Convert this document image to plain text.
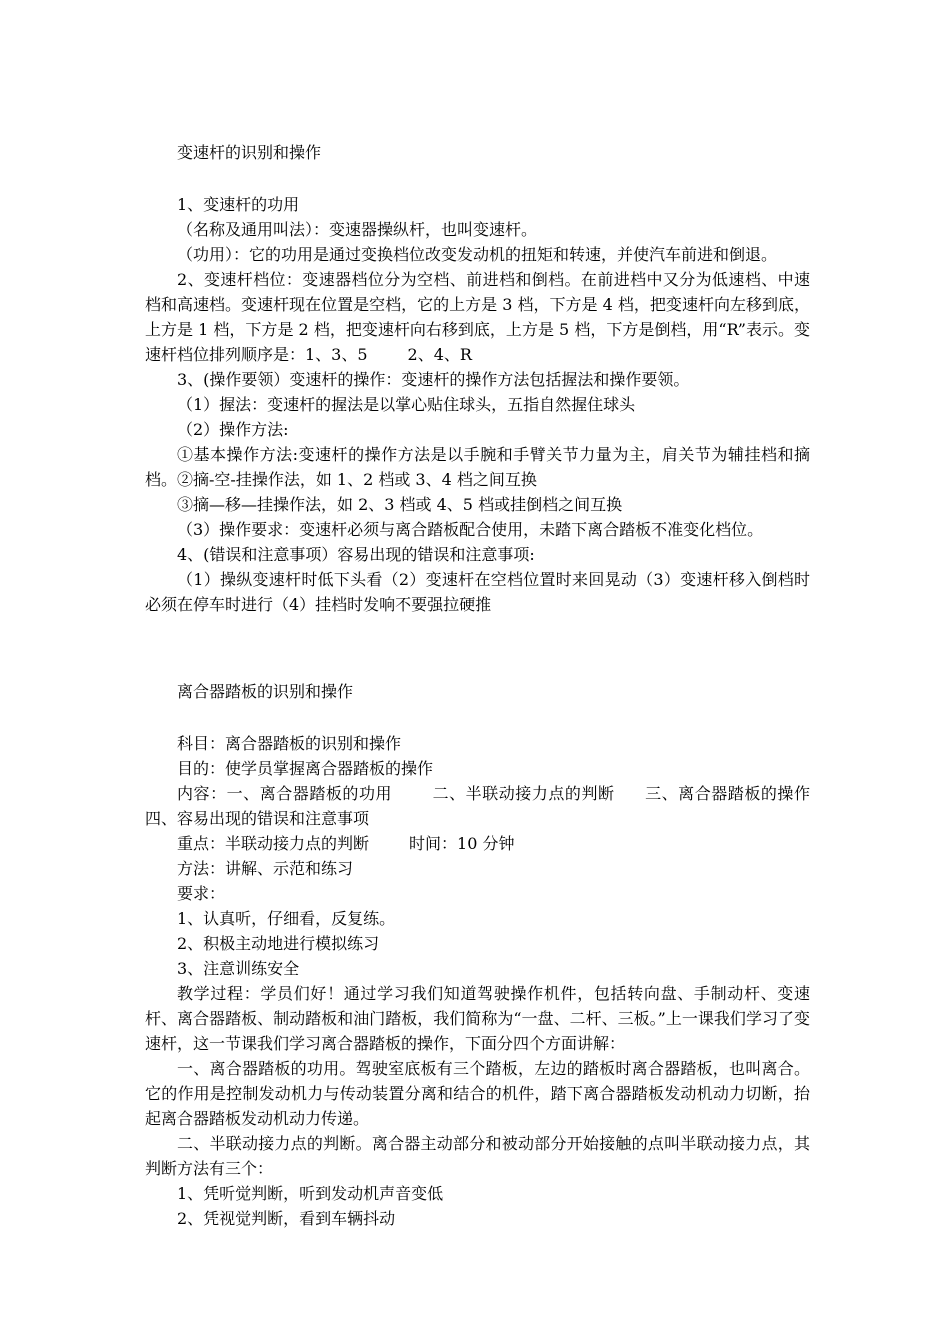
变速杆的识别和操作

1、变速杆的功用

（名称及通用叫法）：变速器操纵杆，也叫变速杆。

（功用）：它的功用是通过变换档位改变发动机的扭矩和转速，并使汽车前进和倒退。

2、变速杆档位：变速器档位分为空档、前进档和倒档。在前进档中又分为低速档、中速档和高速档。变速杆现在位置是空档，它的上方是 3 档，下方是 4 档，把变速杆向左移到底，上方是 1 档，下方是 2 档，把变速杆向右移到底，上方是 5 档，下方是倒档，用“R”表示。变速杆档位排列顺序是：1、3、5	2、4、R

3、(操作要领）变速杆的操作：变速杆的操作方法包括握法和操作要领。

（1）握法：变速杆的握法是以掌心贴住球头，五指自然握住球头

（2）操作方法:

①基本操作方法:变速杆的操作方法是以手腕和手臂关节力量为主，肩关节为辅挂档和摘档。②摘-空-挂操作法，如 1、2 档或 3、4 档之间互换

③摘—移—挂操作法，如 2、3 档或 4、5 档或挂倒档之间互换

（3）操作要求：变速杆必须与离合踏板配合使用，未踏下离合踏板不准变化档位。

4、(错误和注意事项）容易出现的错误和注意事项:

（1）操纵变速杆时低下头看（2）变速杆在空档位置时来回晃动（3）变速杆移入倒档时必须在停车时进行（4）挂档时发响不要强拉硬推

离合器踏板的识别和操作

科目：离合器踏板的识别和操作

目的：使学员掌握离合器踏板的操作

内容：一、离合器踏板的功用	二、半联动接力点的判断 三、离合器踏板的操作四、容易出现的错误和注意事项

重点：半联动接力点的判断	时间：10 分钟

方法：讲解、示范和练习

要求：

1、认真听，仔细看，反复练。

2、积极主动地进行模拟练习

3、注意训练安全

教学过程：学员们好！通过学习我们知道驾驶操作机件，包括转向盘、手制动杆、变速杆、离合器踏板、制动踏板和油门踏板，我们简称为“一盘、二杆、三板。”上一课我们学习了变速杆，这一节课我们学习离合器踏板的操作，下面分四个方面讲解：

一、离合器踏板的功用。驾驶室底板有三个踏板，左边的踏板时离合器踏板，也叫离合。它的作用是控制发动机力与传动装置分离和结合的机件，踏下离合器踏板发动机动力切断，抬起离合器踏板发动机动力传递。

二、半联动接力点的判断。离合器主动部分和被动部分开始接触的点叫半联动接力点，其判断方法有三个：

1、凭听觉判断，听到发动机声音变低

2、凭视觉判断，看到车辆抖动
